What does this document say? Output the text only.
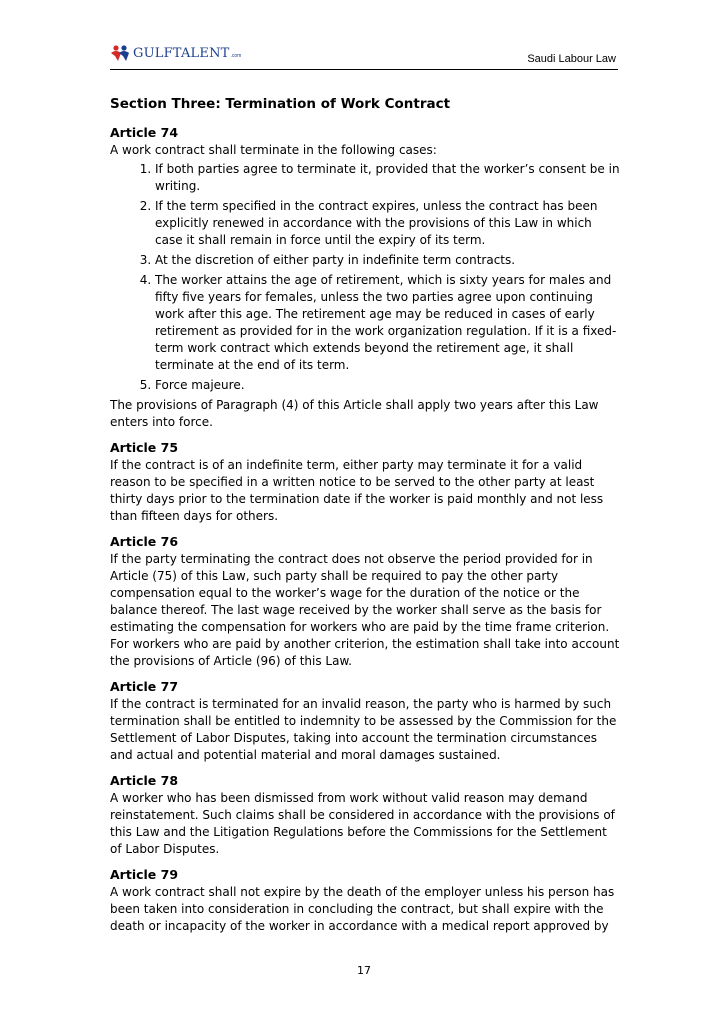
GULFTALENT .com	Saudi Labour Law
Section Three: Termination of Work Contract
Article 74

A work contract shall terminate in the following cases:

1. If both parties agree to terminate it, provided that the worker’s consent be in writing.
2. If the term specified in the contract expires, unless the contract has been explicitly renewed in accordance with the provisions of this Law in which case it shall remain in force until the expiry of its term.
3. At the discretion of either party in indefinite term contracts.
4. The worker attains the age of retirement, which is sixty years for males and fifty five years for females, unless the two parties agree upon continuing work after this age. The retirement age may be reduced in cases of early retirement as provided for in the work organization regulation. If it is a fixed-term work contract which extends beyond the retirement age, it shall terminate at the end of its term.
5. Force majeure.

The provisions of Paragraph (4) of this Article shall apply two years after this Law enters into force.

Article 75

If the contract is of an indefinite term, either party may terminate it for a valid reason to be specified in a written notice to be served to the other party at least thirty days prior to the termination date if the worker is paid monthly and not less than fifteen days for others.

Article 76

If the party terminating the contract does not observe the period provided for in Article (75) of this Law, such party shall be required to pay the other party compensation equal to the worker’s wage for the duration of the notice or the balance thereof. The last wage received by the worker shall serve as the basis for estimating the compensation for workers who are paid by the time frame criterion. For workers who are paid by another criterion, the estimation shall take into account the provisions of Article (96) of this Law.

Article 77

If the contract is terminated for an invalid reason, the party who is harmed by such termination shall be entitled to indemnity to be assessed by the Commission for the Settlement of Labor Disputes, taking into account the termination circumstances and actual and potential material and moral damages sustained.

Article 78

A worker who has been dismissed from work without valid reason may demand reinstatement. Such claims shall be considered in accordance with the provisions of this Law and the Litigation Regulations before the Commissions for the Settlement of Labor Disputes.

Article 79

A work contract shall not expire by the death of the employer unless his person has been taken into consideration in concluding the contract, but shall expire with the death or incapacity of the worker in accordance with a medical report approved by

17
